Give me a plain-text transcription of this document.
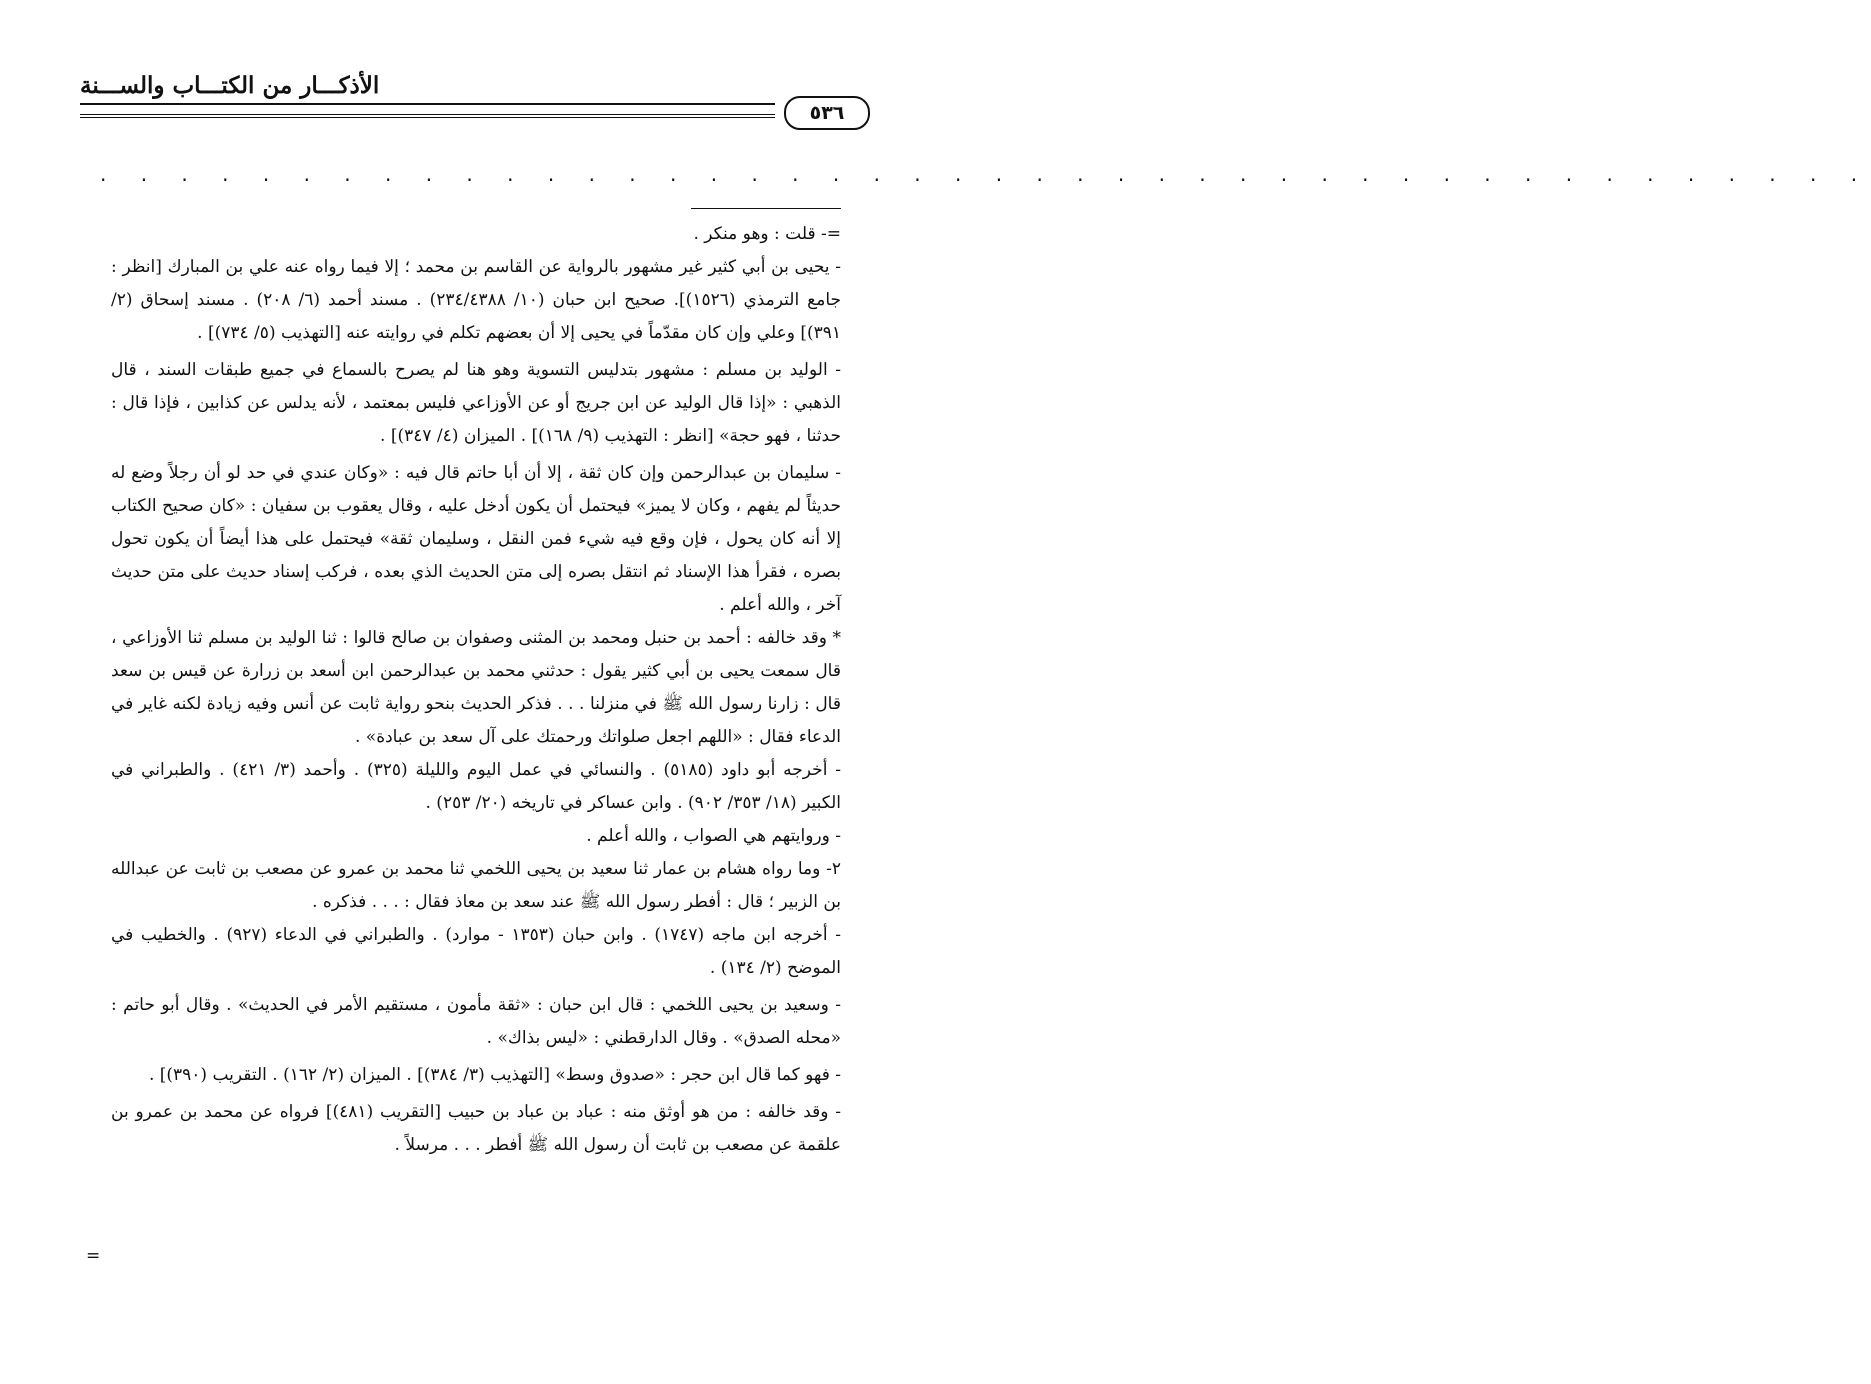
الأذكـــار من الكتـــاب والســـنة
٥٣٦
. . . . . . . . . . . . . . . . . . . . . . . . . . . . . . . . . . . . . . . . . . . .

=- قلت : وهو منكر .

- يحيى بن أبي كثير غير مشهور بالرواية عن القاسم بن محمد ؛ إلا فيما رواه عنه علي بن المبارك [انظر : جامع الترمذي (١٥٢٦)]. صحيح ابن حبان (١٠/ ٢٣٤/٤٣٨٨) . مسند أحمد (٦/ ٢٠٨) . مسند إسحاق (٢/ ٣٩١)] وعلي وإن كان مقدّماً في يحيى إلا أن بعضهم تكلم في روايته عنه [التهذيب (٥/ ٧٣٤)] .

- الوليد بن مسلم : مشهور بتدليس التسوية وهو هنا لم يصرح بالسماع في جميع طبقات السند ، قال الذهبي : «إذا قال الوليد عن ابن جريج أو عن الأوزاعي فليس بمعتمد ، لأنه يدلس عن كذابين ، فإذا قال : حدثنا ، فهو حجة» [انظر : التهذيب (٩/ ١٦٨)] . الميزان (٤/ ٣٤٧)] .

- سليمان بن عبدالرحمن وإن كان ثقة ، إلا أن أبا حاتم قال فيه : «وكان عندي في حد لو أن رجلاً وضع له حديثاً لم يفهم ، وكان لا يميز» فيحتمل أن يكون أدخل عليه ، وقال يعقوب بن سفيان : «كان صحيح الكتاب إلا أنه كان يحول ، فإن وقع فيه شيء فمن النقل ، وسليمان ثقة» فيحتمل على هذا أيضاً أن يكون تحول بصره ، فقرأ هذا الإسناد ثم انتقل بصره إلى متن الحديث الذي بعده ، فركب إسناد حديث على متن حديث آخر ، والله أعلم .

* وقد خالفه : أحمد بن حنبل ومحمد بن المثنى وصفوان بن صالح قالوا : ثنا الوليد بن مسلم ثنا الأوزاعي ، قال سمعت يحيى بن أبي كثير يقول : حدثني محمد بن عبدالرحمن ابن أسعد بن زرارة عن قيس بن سعد قال : زارنا رسول الله ﷺ في منزلنا . . . فذكر الحديث بنحو رواية ثابت عن أنس وفيه زيادة لكنه غاير في الدعاء فقال : «اللهم اجعل صلواتك ورحمتك على آل سعد بن عبادة» .

- أخرجه أبو داود (٥١٨٥) . والنسائي في عمل اليوم والليلة (٣٢٥) . وأحمد (٣/ ٤٢١) . والطبراني في الكبير (١٨/ ٣٥٣/ ٩٠٢) . وابن عساكر في تاريخه (٢٠/ ٢٥٣) .

- وروايتهم هي الصواب ، والله أعلم .

٢- وما رواه هشام بن عمار ثنا سعيد بن يحيى اللخمي ثنا محمد بن عمرو عن مصعب بن ثابت عن عبدالله بن الزبير ؛ قال : أفطر رسول الله ﷺ عند سعد بن معاذ فقال : . . . فذكره .

- أخرجه ابن ماجه (١٧٤٧) . وابن حبان (١٣٥٣ - موارد) . والطبراني في الدعاء (٩٢٧) . والخطيب في الموضح (٢/ ١٣٤) .

- وسعيد بن يحيى اللخمي : قال ابن حبان : «ثقة مأمون ، مستقيم الأمر في الحديث» . وقال أبو حاتم : «محله الصدق» . وقال الدارقطني : «ليس بذاك» .

- فهو كما قال ابن حجر : «صدوق وسط» [التهذيب (٣/ ٣٨٤)] . الميزان (٢/ ١٦٢) . التقريب (٣٩٠)] .

- وقد خالفه : من هو أوثق منه : عباد بن عباد بن حبيب [التقريب (٤٨١)] فرواه عن محمد بن عمرو بن علقمة عن مصعب بن ثابت أن رسول الله ﷺ أفطر . . . مرسلاً .

=
